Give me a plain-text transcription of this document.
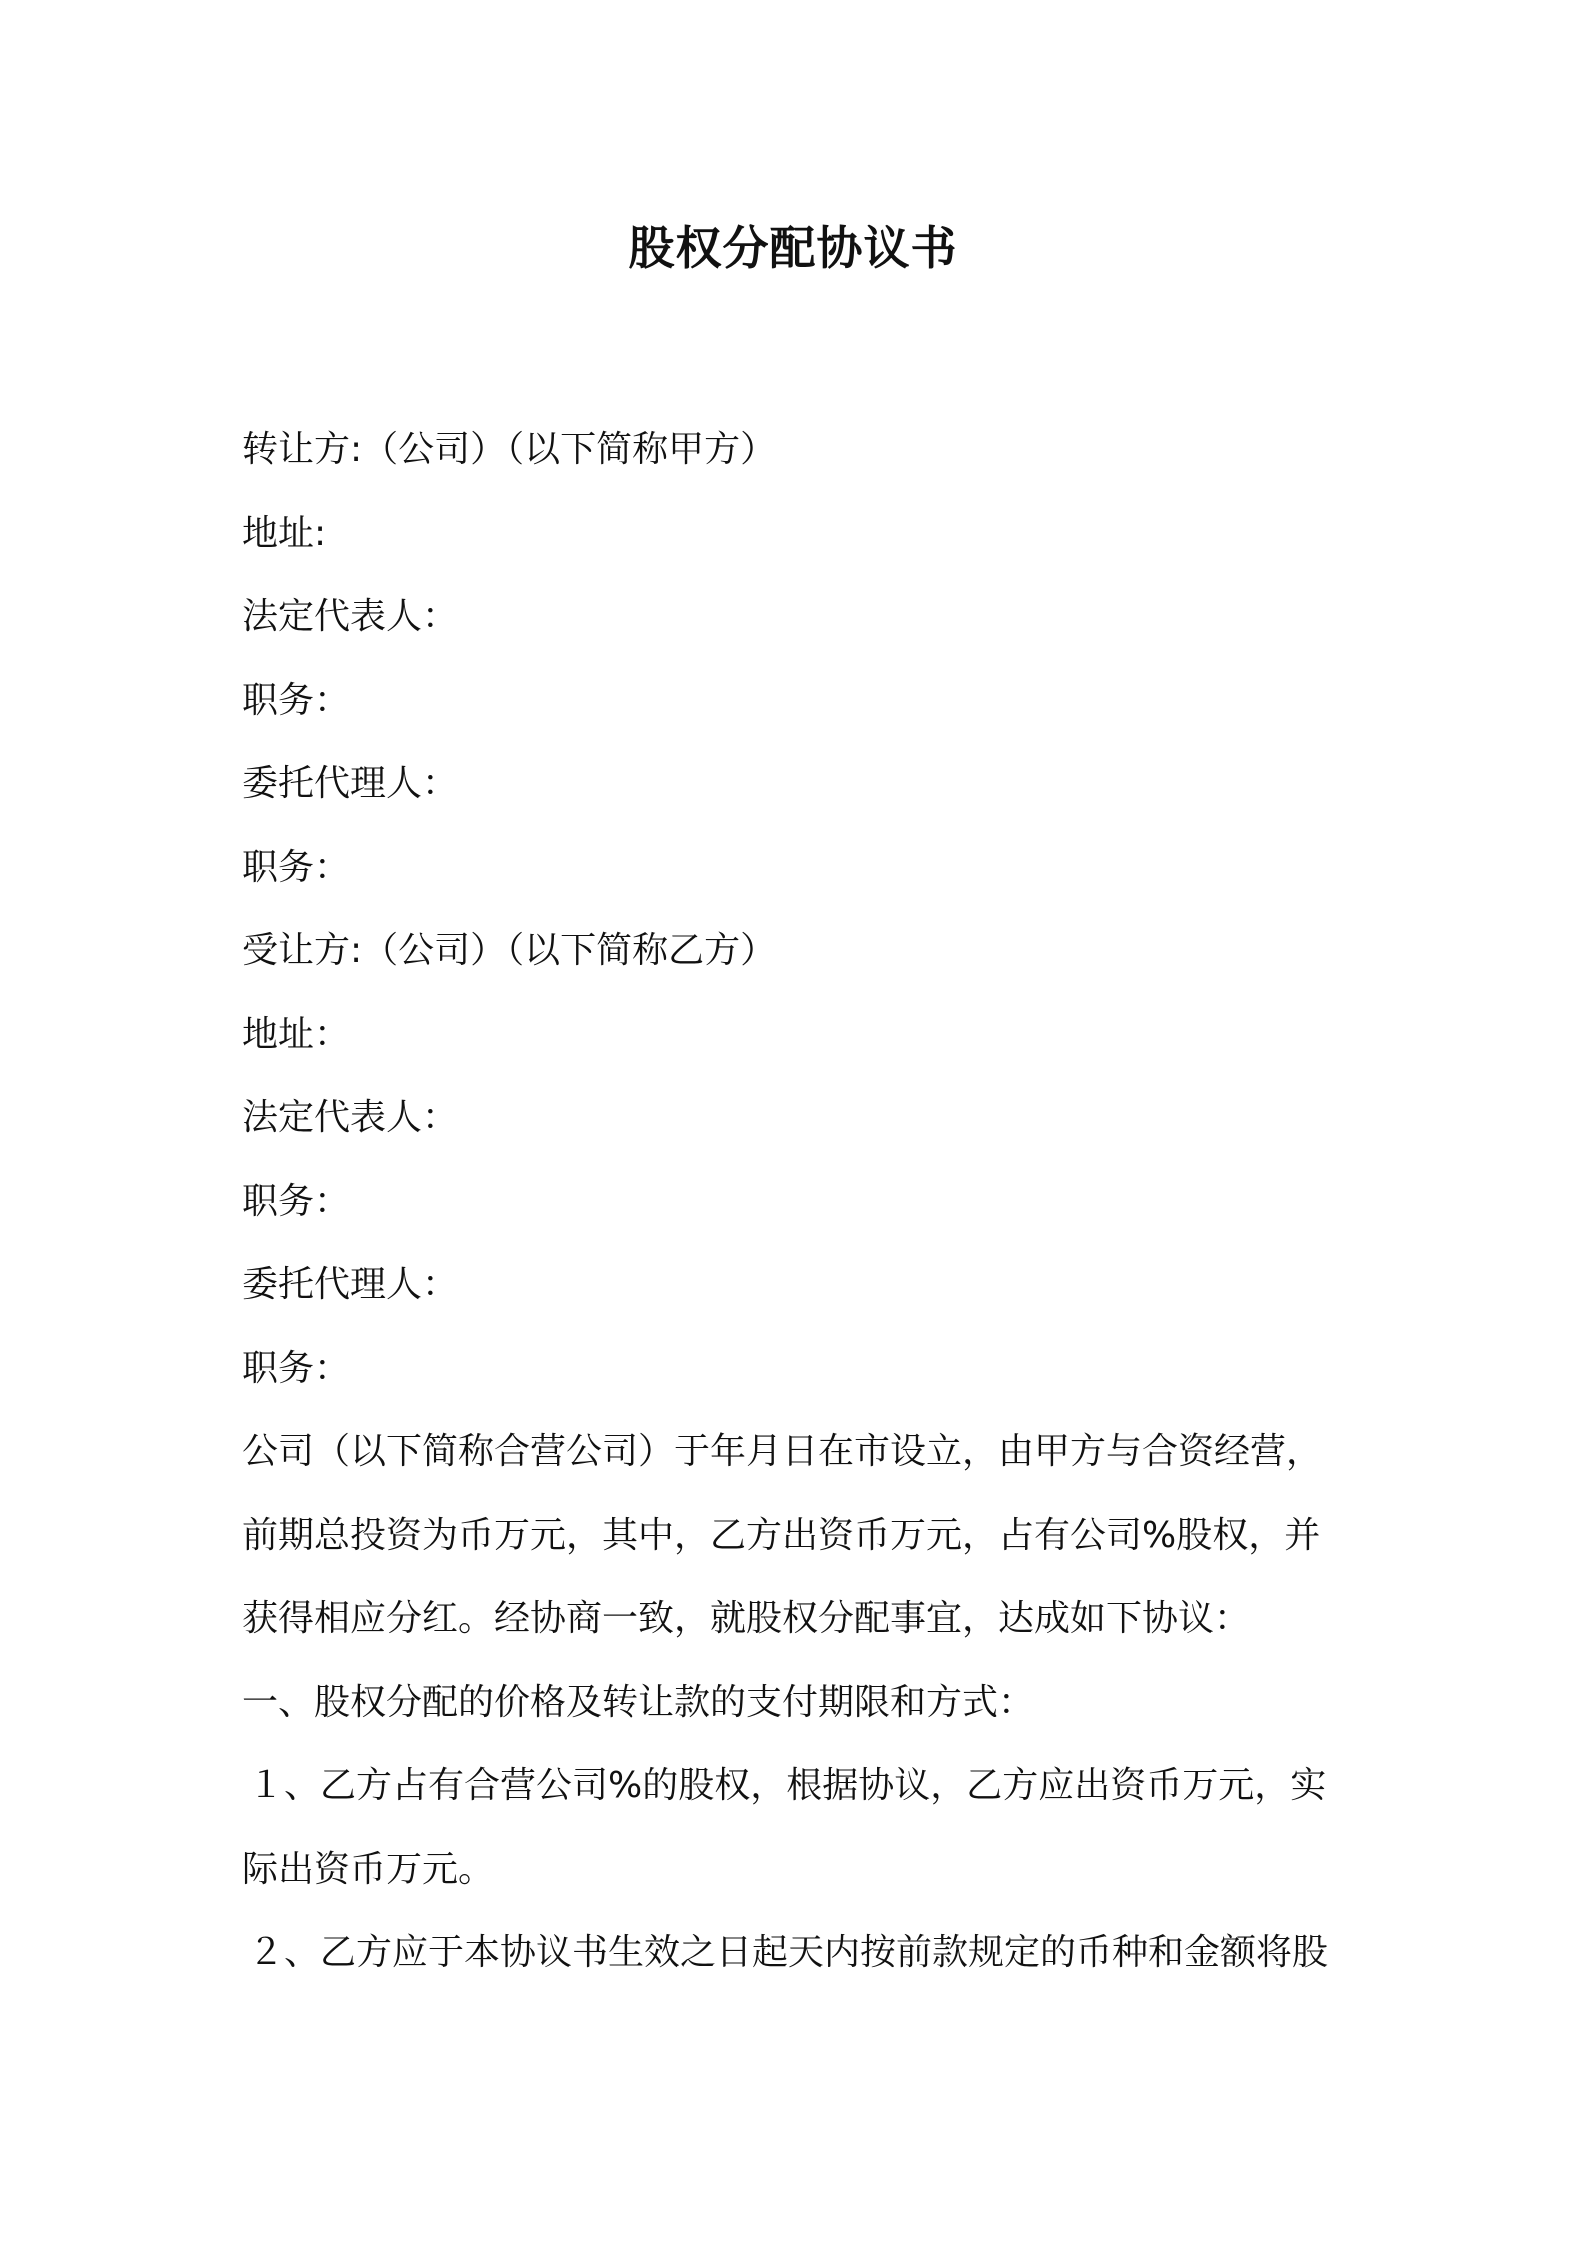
股权分配协议书

转让方:（公司）（以下简称甲方）

地址:

法定代表人：

职务：

委托代理人：

职务：

受让方:（公司）（以下简称乙方）

地址：

法定代表人：

职务：

委托代理人：

职务：

公司（以下简称合营公司）于年月日在市设立，由甲方与合资经营，

前期总投资为币万元，其中，乙方出资币万元，占有公司%股权，并

获得相应分红。经协商一致，就股权分配事宜，达成如下协议：

一、股权分配的价格及转让款的支付期限和方式：

１、乙方占有合营公司%的股权，根据协议，乙方应出资币万元，实

际出资币万元。

２、乙方应于本协议书生效之日起天内按前款规定的币种和金额将股
